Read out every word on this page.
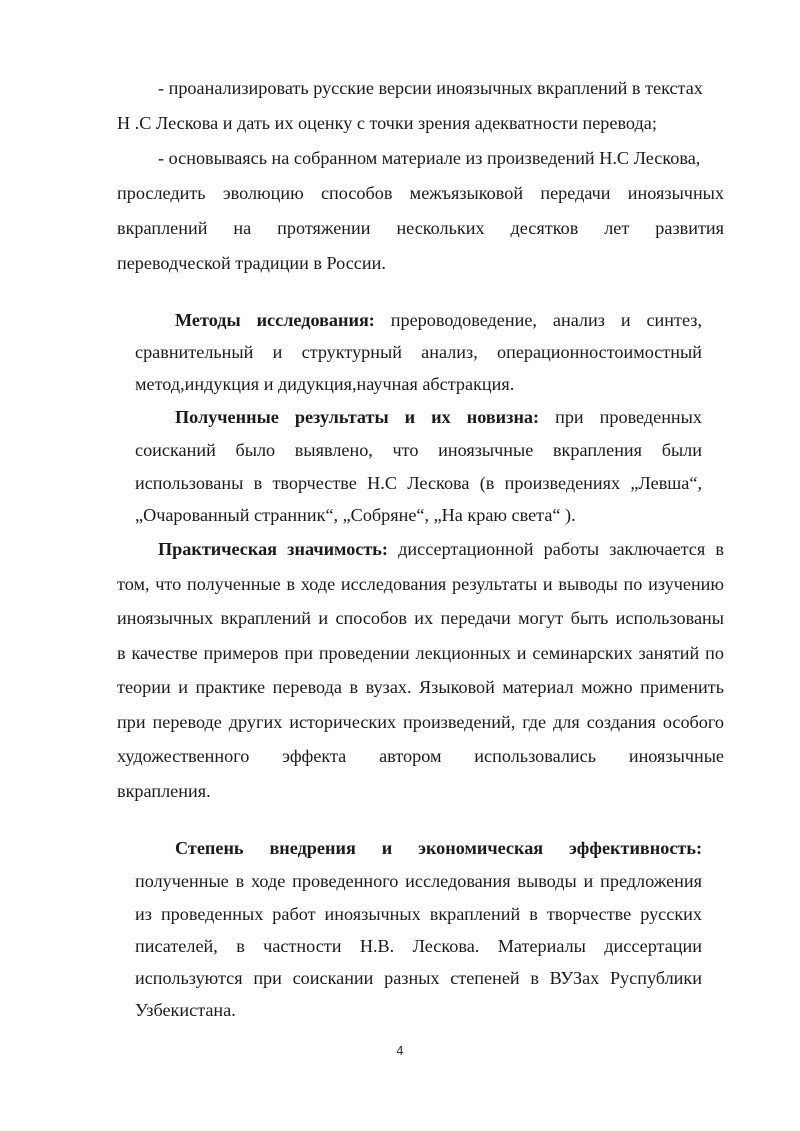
- проанализировать русские версии иноязычных вкраплений в текстах
Н .С Лескова и дать их оценку с точки зрения адекватности перевода;
- основываясь на собранном материале из произведений Н.С Лескова,
проследить эволюцию способов межъязыковой передачи иноязычных
вкраплений на протяжении нескольких десятков лет развития
переводческой традиции в России.
Методы исследования: прероводоведение, анализ и синтез,
сравнительный и структурный анализ, операционностоимостный
метод,индукция и дидукция,научная абстракция.
Полученные результаты и их новизна: при проведенных
соисканий было выявлено, что иноязычные вкрапления были
использованы в творчестве Н.С Лескова (в произведениях „Левша“,
„Очарованный странник“, „Собряне“, „На краю света“ ).
Практическая значимость: диссертационной работы заключается в
том, что полученные в ходе исследования результаты и выводы по изучению
иноязычных вкраплений и способов их передачи могут быть использованы
в качестве примеров при проведении лекционных и семинарских занятий по
теории и практике перевода в вузах. Языковой материал можно применить
при переводе других исторических произведений, где для создания особого
художественного эффекта автором использовались иноязычные
вкрапления.
Степень внедрения и экономическая эффективность:
полученные в ходе проведенного исследования выводы и предложения
из проведенных работ иноязычных вкраплений в творчестве русских
писателей, в частности Н.В. Лескова. Материалы диссертации
используются при соискании разных степеней в ВУЗах Руспублики
Узбекистана.
4
